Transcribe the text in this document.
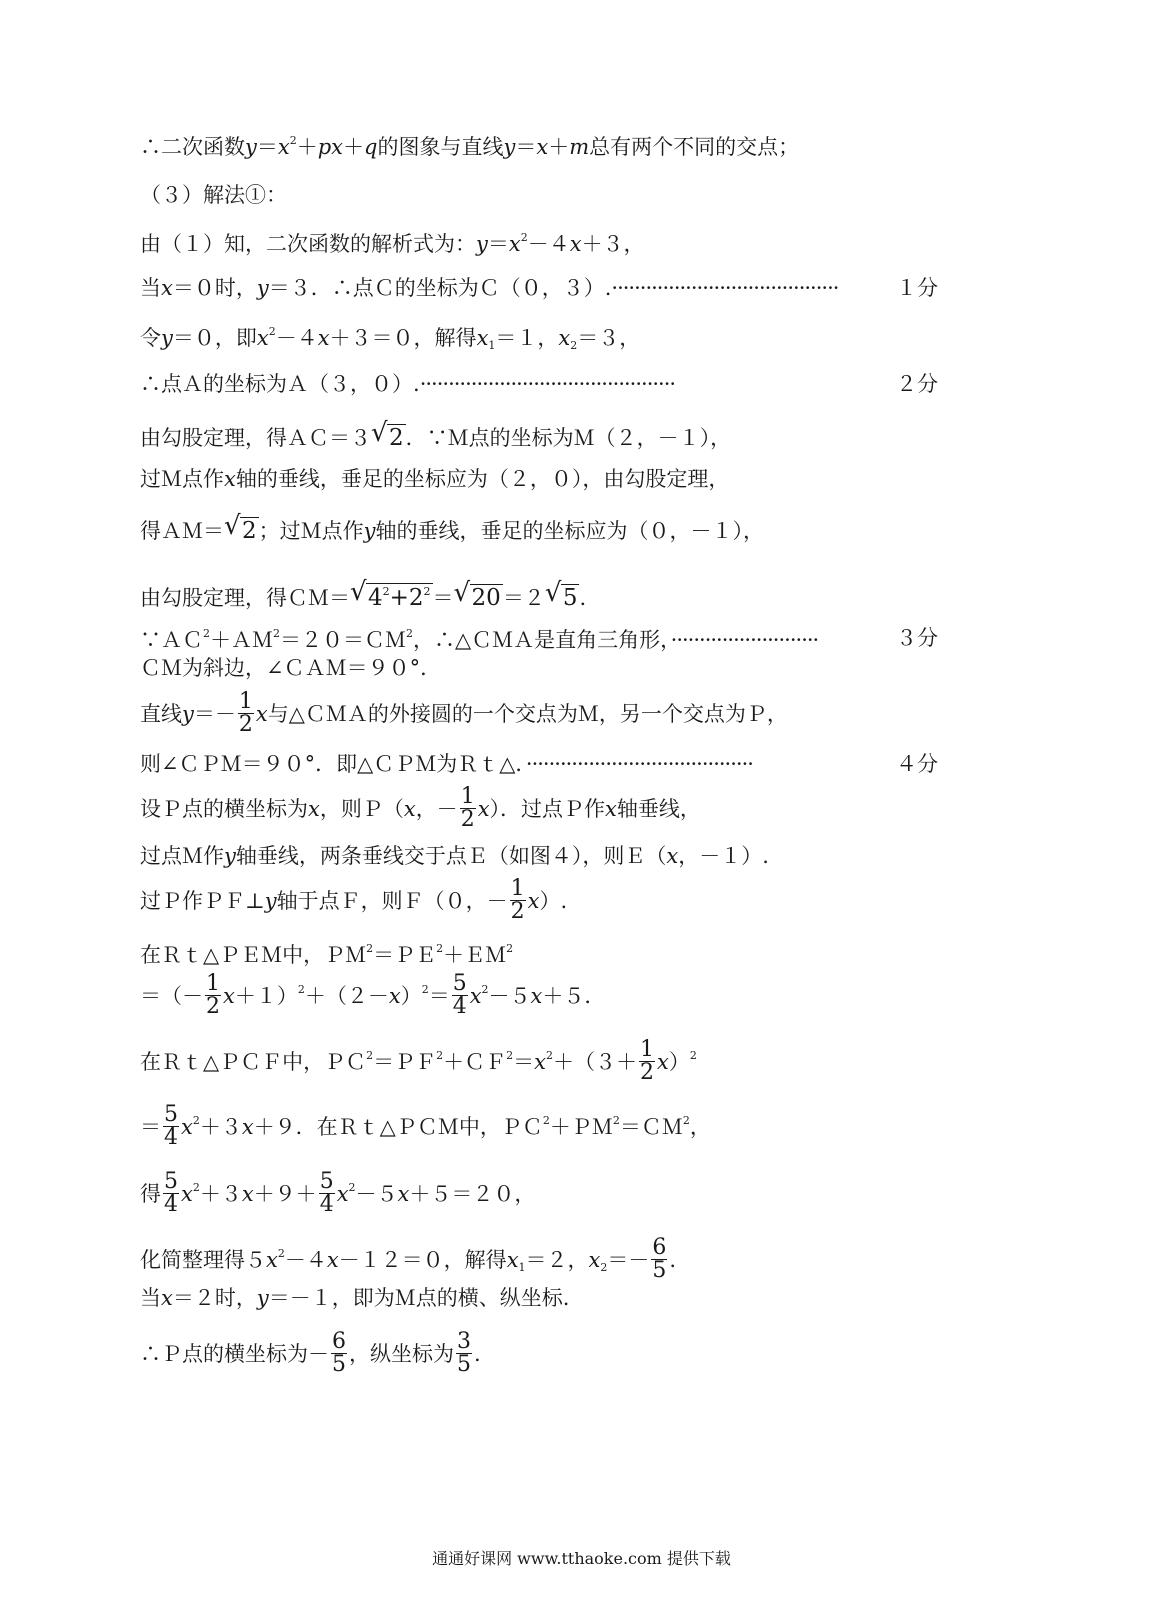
∴二次函数$y=x^2+px+q$的图象与直线y＝x＋m总有两个不同的交点；
（３）解法①：
由（１）知，二次函数的解析式为：$y=x^2-4x+3$，
当x＝０时，y＝３．∴点Ｃ的坐标为Ｃ（０，３）.········································	１分
令y＝０，即$x^2-4x+3=0$，解得$x_1=1$，$x_2=3$，
∴点Ａ的坐标为Ａ（３，０）.·············································	２分
由勾股定理，得ＡＣ＝３√ 2．∵Ｍ点的坐标为Ｍ（２，－１），
过Ｍ点作x轴的垂线，垂足的坐标应为（２，０），由勾股定理，
得ＡＭ＝√ 2；过Ｍ点作y轴的垂线，垂足的坐标应为（０，－１），
由勾股定理，得ＣＭ＝√ $4^2+2^2=√$ 20＝２√ 5.
∵ＡＣ$^2$＋ＡＭ$^2$＝２０＝ＣＭ$^2$，∴△ＣＭＡ是直角三角形，··························	３分
ＣＭ为斜边，∠ＣＡＭ＝９０°．
直线$y=- \frac{1}{2}$ x与△ＣＭＡ的外接圆的一个交点为Ｍ，另一个交点为Ｐ，
则∠ＣＰＭ＝９０°．即△ＣＰＭ为Ｒｔ△．········································	４分
设Ｐ点的横坐标为x，则Ｐ（x，－ $\frac{1}{2} x$）．过点Ｐ作x轴垂线，
过点Ｍ作y轴垂线，两条垂线交于点Ｅ（如图４），则Ｅ（x，－１）.
过Ｐ作ＰＦ⊥y轴于点Ｆ，则Ｆ（０，－ $\frac{1}{2} x$）.
在Ｒｔ△ＰＥＭ中，ＰＭ$^2$＝ＰＥ$^2$＋ＥＭ$^2$
＝（－ $\frac{1}{2} x+1)^2+(2-x)^2= \frac{5}{4} x^2-5x+5$．
在Ｒｔ△ＰＣＦ中，$PC^2=PF^2+CF^2=x^2+(3+ \frac{1}{2} x)^2$
＝ $\frac{5}{4} x^2+3x+9$．在Ｒｔ△ＰＣＭ中，ＰＣ$^2$＋ＰＭ$^2$＝ＣＭ$^2$，
得 $\frac{5}{4} x^2+3x+9+ \frac{5}{4} x^2-5x+5=20$，
化简整理得$5x^2-4x-12=0$，解得$x_1=2$，$x_2=- \frac{6}{5}$ .
当x＝２时，y＝－１，即为Ｍ点的横、纵坐标.
∴Ｐ点的横坐标为－ $\frac{6}{5}$ ，纵坐标为 $\frac{3}{5}$ .
通通好课网 www.tthaoke.com 提供下载
